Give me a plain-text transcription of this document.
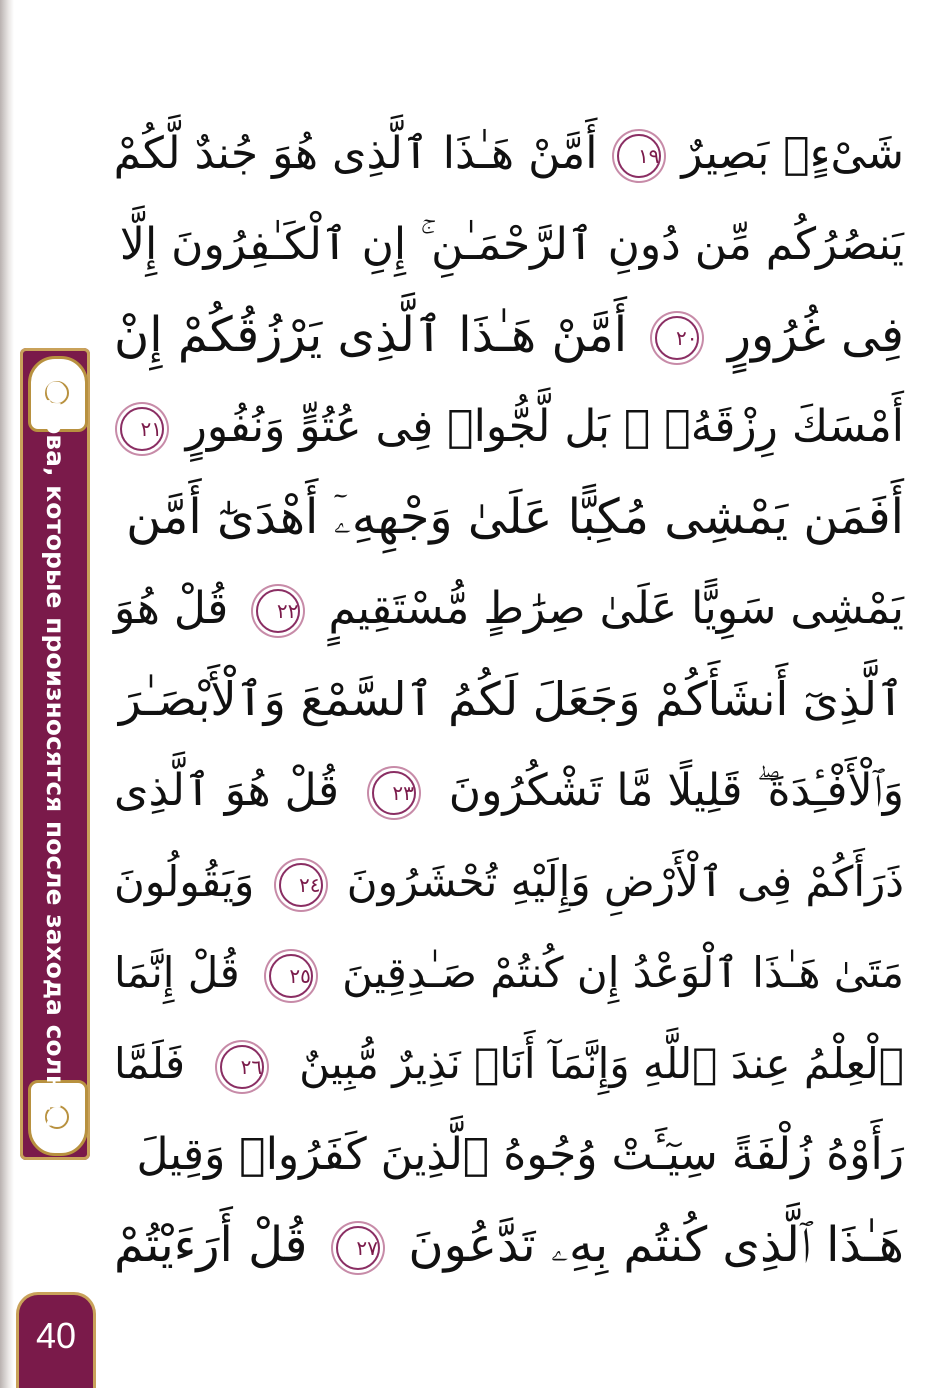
Слова, которые произносятся после захода солнца
40
شَىْءٍۭ بَصِيرٌ ١٩ أَمَّنْ هَـٰذَا ٱلَّذِى هُوَ جُندٌ لَّكُمْ
يَنصُرُكُم مِّن دُونِ ٱلرَّحْمَـٰنِ ۚ إِنِ ٱلْكَـٰفِرُونَ إِلَّا
فِى غُرُورٍ ٢٠ أَمَّنْ هَـٰذَا ٱلَّذِى يَرْزُقُكُمْ إِنْ
أَمْسَكَ رِزْقَهُۥ ۚ بَل لَّجُّوا۟ فِى عُتُوٍّ وَنُفُورٍ ٢١
أَفَمَن يَمْشِى مُكِبًّا عَلَىٰ وَجْهِهِۦٓ أَهْدَىٰٓ أَمَّن
يَمْشِى سَوِيًّا عَلَىٰ صِرَٰطٍ مُّسْتَقِيمٍ ٢٢ قُلْ هُوَ
ٱلَّذِىٓ أَنشَأَكُمْ وَجَعَلَ لَكُمُ ٱلسَّمْعَ وَٱلْأَبْصَـٰرَ
وَٱلْأَفْـِٔدَةَ ۖ قَلِيلًا مَّا تَشْكُرُونَ ٢٣ قُلْ هُوَ ٱلَّذِى
ذَرَأَكُمْ فِى ٱلْأَرْضِ وَإِلَيْهِ تُحْشَرُونَ ٢٤ وَيَقُولُونَ
مَتَىٰ هَـٰذَا ٱلْوَعْدُ إِن كُنتُمْ صَـٰدِقِينَ ٢٥ قُلْ إِنَّمَا
ٱلْعِلْمُ عِندَ ٱللَّهِ وَإِنَّمَآ أَنَا۠ نَذِيرٌ مُّبِينٌ ٢٦ فَلَمَّا
رَأَوْهُ زُلْفَةً سِيٓـَٔتْ وُجُوهُ ٱلَّذِينَ كَفَرُوا۟ وَقِيلَ
هَـٰذَا ٱلَّذِى كُنتُم بِهِۦ تَدَّعُونَ ٢٧ قُلْ أَرَءَيْتُمْ
